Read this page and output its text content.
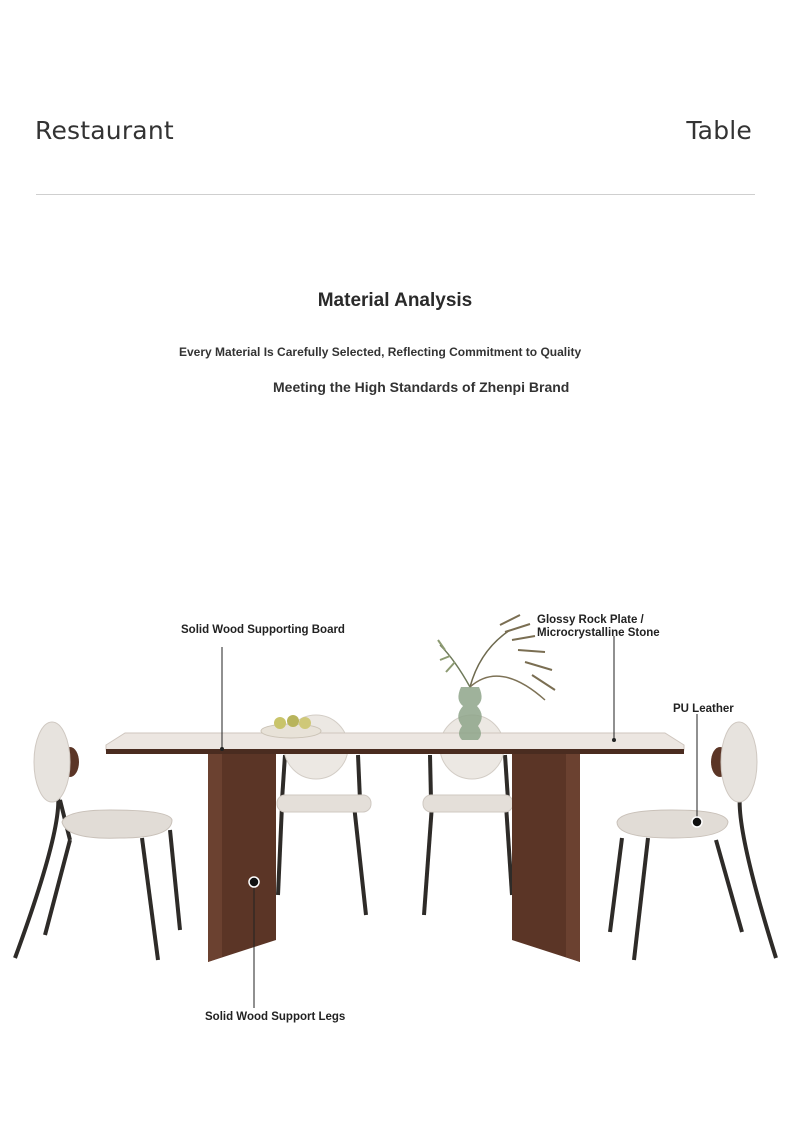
Restaurant	Table
Material Analysis
Every Material Is Carefully Selected, Reflecting Commitment to Quality
Meeting the High Standards of Zhenpi Brand
Solid Wood Supporting Board
Glossy Rock Plate /
Microcrystalline Stone
PU Leather
Solid Wood Support Legs
